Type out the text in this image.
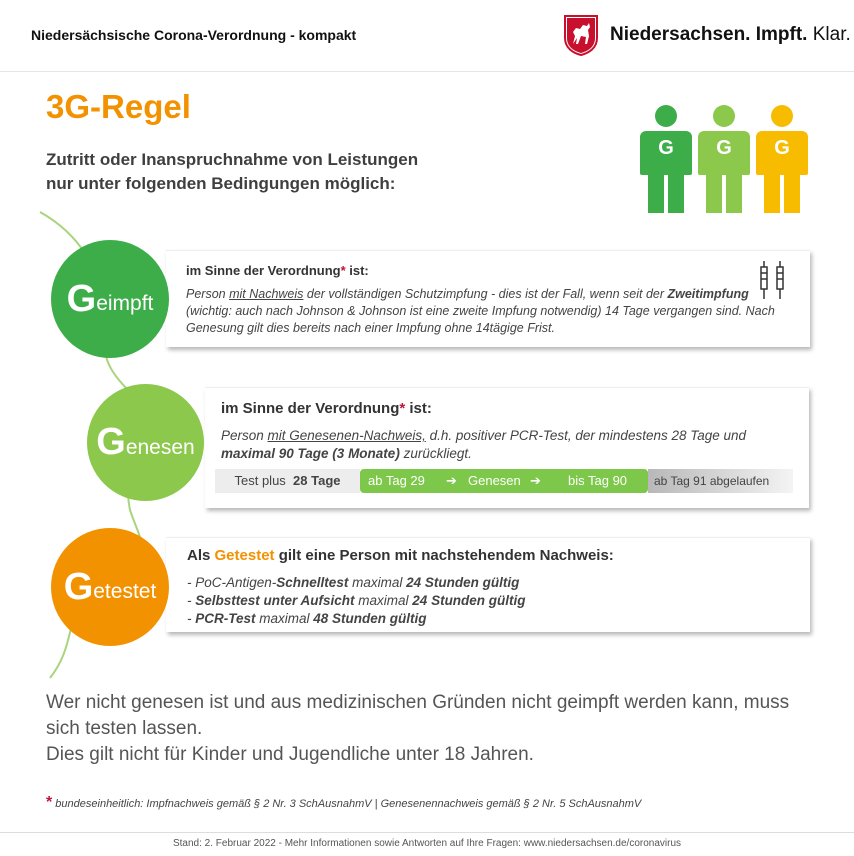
Niedersächsische Corona-Verordnung - kompakt	Niedersachsen. Impft. Klar.
3G-Regel
Zutritt oder Inanspruchnahme von Leistungen
nur unter folgenden Bedingungen möglich:
G	G	G
im Sinne der Verordnung* ist:
Person mit Nachweis der vollständigen Schutzimpfung - dies ist der Fall, wenn seit der Zweitimpfung (wichtig: auch nach Johnson & Johnson ist eine zweite Impfung notwendig) 14 Tage vergangen sind. Nach Genesung gilt dies bereits nach einer Impfung ohne 14tägige Frist.
im Sinne der Verordnung* ist:
Person mit Genesenen-Nachweis, d.h. positiver PCR-Test, der mindestens 28 Tage und maximal 90 Tage (3 Monate) zurückliegt.
Test plus 28 Tage	ab Tag 29 ➔ Genesen ➔ bis Tag 90	ab Tag 91 abgelaufen
Als Getestet gilt eine Person mit nachstehendem Nachweis:
- PoC-Antigen-Schnelltest maximal 24 Stunden gültig
- Selbsttest unter Aufsicht maximal 24 Stunden gültig
- PCR-Test maximal 48 Stunden gültig
G eimpft
G enesen
G etestet
Wer nicht genesen ist und aus medizinischen Gründen nicht geimpft werden kann, muss sich testen lassen.
Dies gilt nicht für Kinder und Jugendliche unter 18 Jahren.
* bundeseinheitlich: Impfnachweis gemäß § 2 Nr. 3 SchAusnahmV | Genesenennachweis gemäß § 2 Nr. 5 SchAusnahmV
Stand: 2. Februar 2022 - Mehr Informationen sowie Antworten auf Ihre Fragen: www.niedersachsen.de/coronavirus
